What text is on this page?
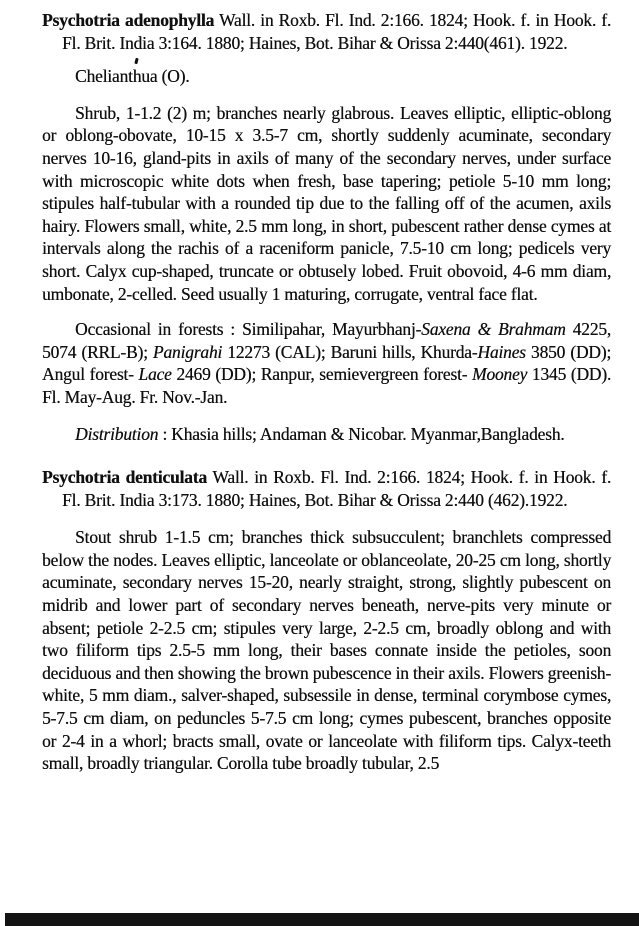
Psychotria adenophylla Wall. in Roxb. Fl. Ind. 2:166. 1824; Hook. f. in Hook. f. Fl. Brit. India 3:164. 1880; Haines, Bot. Bihar & Orissa 2:440(461). 1922.

Chelianthua (O).

Shrub, 1-1.2 (2) m; branches nearly glabrous. Leaves elliptic, elliptic-oblong or oblong-obovate, 10-15 x 3.5-7 cm, shortly suddenly acuminate, secondary nerves 10-16, gland-pits in axils of many of the secondary nerves, under surface with microscopic white dots when fresh, base tapering; petiole 5-10 mm long; stipules half-tubular with a rounded tip due to the falling off of the acumen, axils hairy. Flowers small, white, 2.5 mm long, in short, pubescent rather dense cymes at intervals along the rachis of a raceniform panicle, 7.5-10 cm long; pedicels very short. Calyx cup-shaped, truncate or obtusely lobed. Fruit obovoid, 4-6 mm diam, umbonate, 2-celled. Seed usually 1 maturing, corrugate, ventral face flat.

Occasional in forests : Similipahar, Mayurbhanj-Saxena & Brahmam 4225, 5074 (RRL-B); Panigrahi 12273 (CAL); Baruni hills, Khurda-Haines 3850 (DD); Angul forest- Lace 2469 (DD); Ranpur, semievergreen forest- Mooney 1345 (DD). Fl. May-Aug. Fr. Nov.-Jan.

Distribution : Khasia hills; Andaman & Nicobar. Myanmar,Bangladesh.

Psychotria denticulata Wall. in Roxb. Fl. Ind. 2:166. 1824; Hook. f. in Hook. f. Fl. Brit. India 3:173. 1880; Haines, Bot. Bihar & Orissa 2:440 (462).1922.

Stout shrub 1-1.5 cm; branches thick subsucculent; branchlets compressed below the nodes. Leaves elliptic, lanceolate or oblanceolate, 20-25 cm long, shortly acuminate, secondary nerves 15-20, nearly straight, strong, slightly pubescent on midrib and lower part of secondary nerves beneath, nerve-pits very minute or absent; petiole 2-2.5 cm; stipules very large, 2-2.5 cm, broadly oblong and with two filiform tips 2.5-5 mm long, their bases connate inside the petioles, soon deciduous and then showing the brown pubescence in their axils. Flowers greenish-white, 5 mm diam., salver-shaped, subsessile in dense, terminal corymbose cymes, 5-7.5 cm diam, on peduncles 5-7.5 cm long; cymes pubescent, branches opposite or 2-4 in a whorl; bracts small, ovate or lanceolate with filiform tips. Calyx-teeth small, broadly triangular. Corolla tube broadly tubular, 2.5
